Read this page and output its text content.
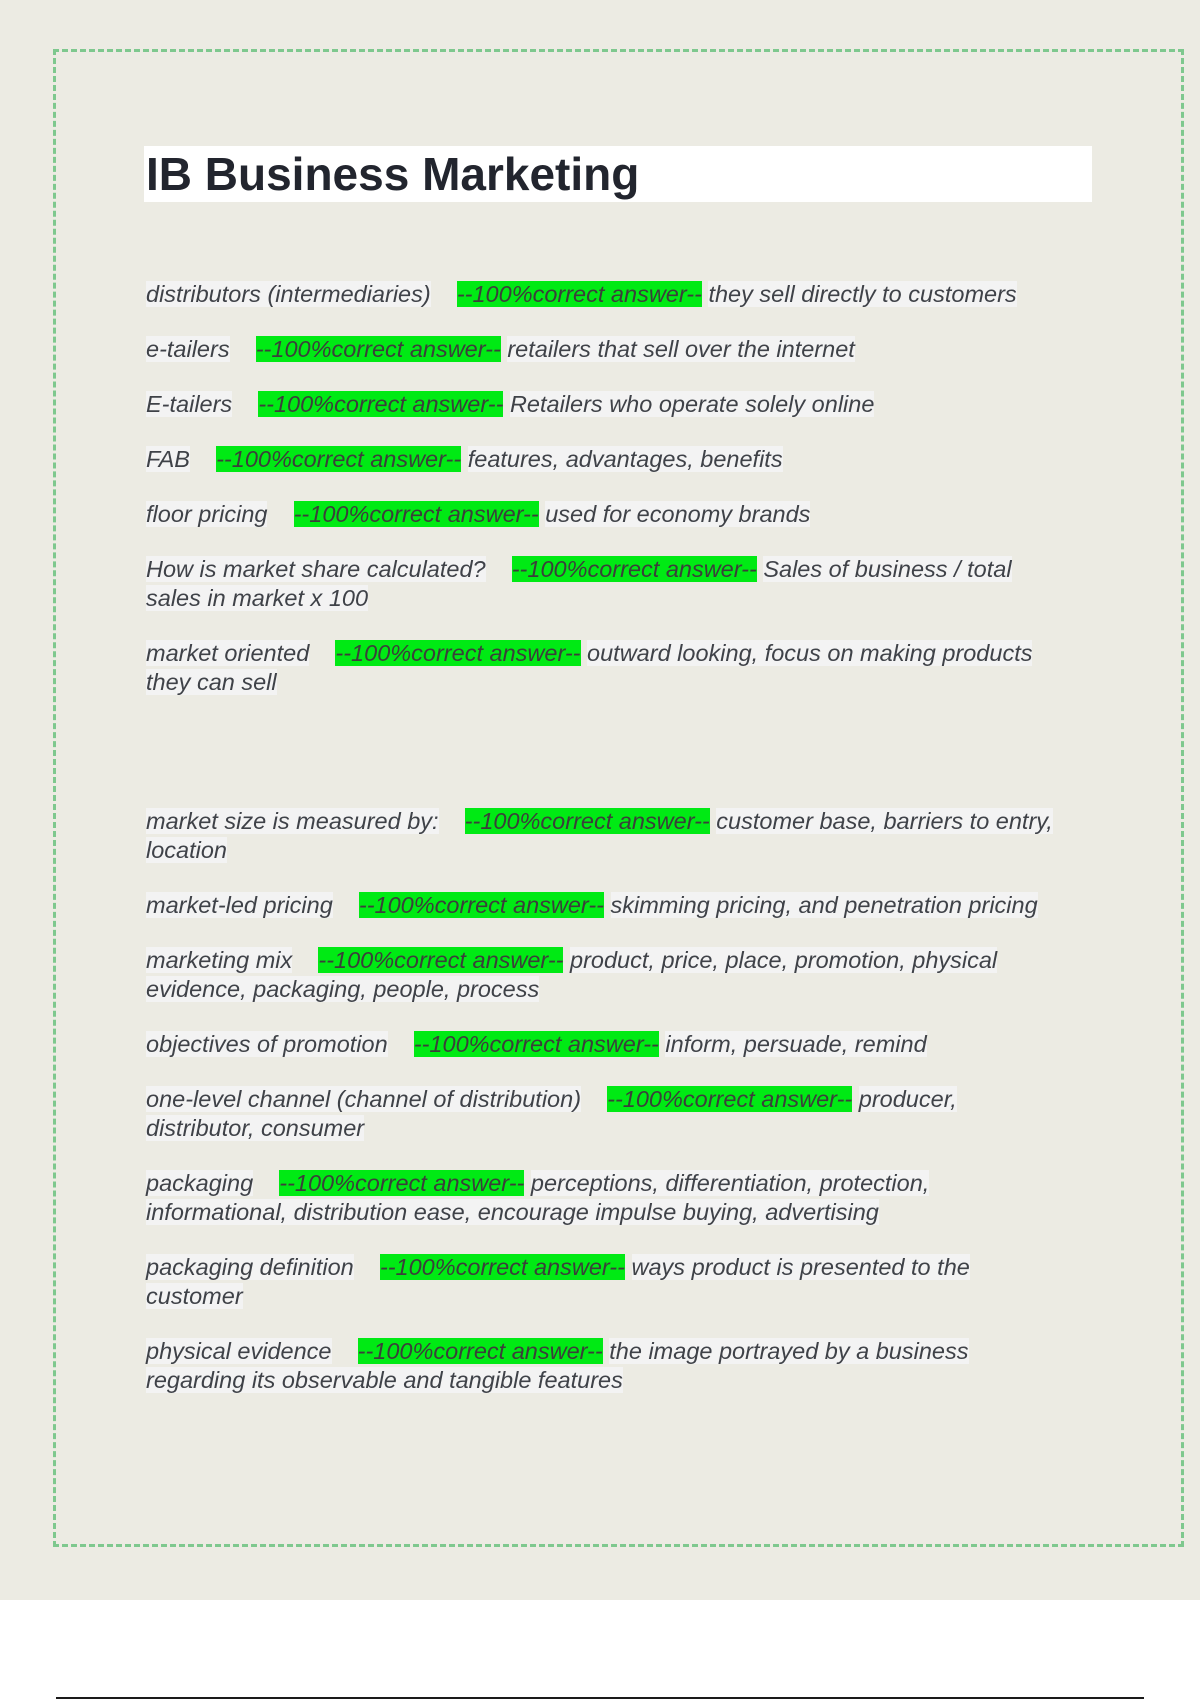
IB Business Marketing

distributors (intermediaries) --100%correct answer-- they sell directly to customers

e-tailers --100%correct answer-- retailers that sell over the internet

E-tailers --100%correct answer-- Retailers who operate solely online

FAB --100%correct answer-- features, advantages, benefits

floor pricing --100%correct answer-- used for economy brands

How is market share calculated? --100%correct answer-- Sales of business / total
sales in market x 100

market oriented --100%correct answer-- outward looking, focus on making products
they can sell

market size is measured by: --100%correct answer-- customer base, barriers to entry,
location

market-led pricing --100%correct answer-- skimming pricing, and penetration pricing

marketing mix --100%correct answer-- product, price, place, promotion, physical
evidence, packaging, people, process

objectives of promotion --100%correct answer-- inform, persuade, remind

one-level channel (channel of distribution) --100%correct answer-- producer,
distributor, consumer

packaging --100%correct answer-- perceptions, differentiation, protection,
informational, distribution ease, encourage impulse buying, advertising

packaging definition --100%correct answer-- ways product is presented to the
customer

physical evidence --100%correct answer-- the image portrayed by a business
regarding its observable and tangible features
